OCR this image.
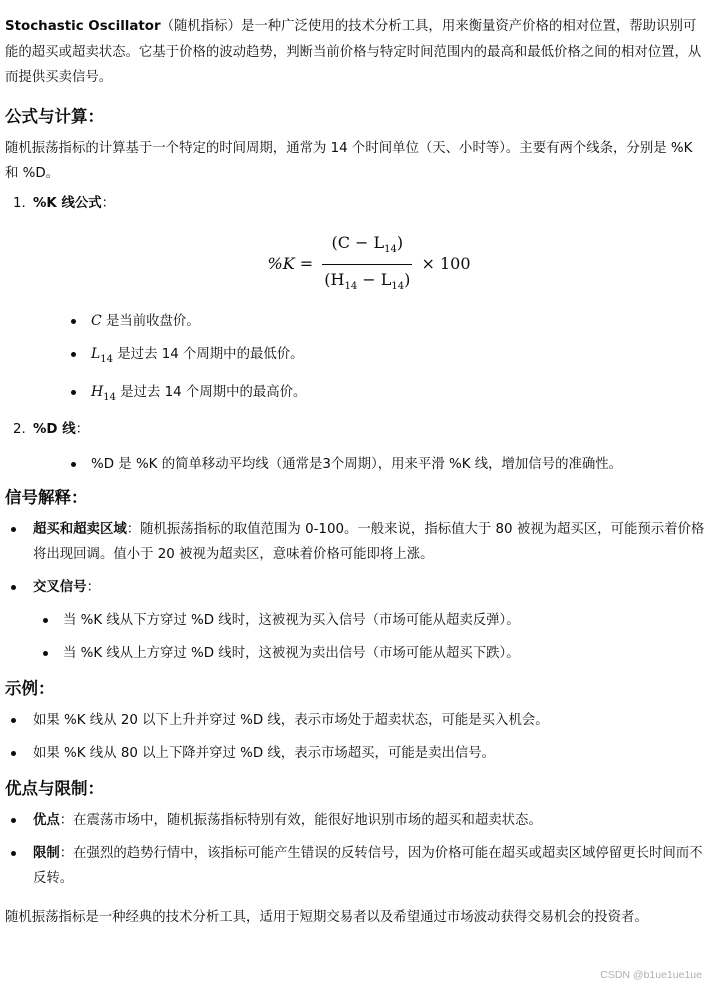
Stochastic Oscillator（随机指标）是一种广泛使用的技术分析工具，用来衡量资产价格的相对位置，帮助识别可能的超买或超卖状态。它基于价格的波动趋势，判断当前价格与特定时间范围内的最高和最低价格之间的相对位置，从而提供买卖信号。

公式与计算：

随机振荡指标的计算基于一个特定的时间周期，通常为 14 个时间单位（天、小时等）。主要有两个线条，分别是 %K 和 %D。

1. %K 线公式：
$\%K = \frac{(C - L_{14})}{(H_{14} - L_{14})} \times 100$
C 是当前收盘价。
$L_{14}$ 是过去 14 个周期中的最低价。
$H_{14}$ 是过去 14 个周期中的最高价。
2. %D 线：
%D 是 %K 的简单移动平均线（通常是3个周期），用来平滑 %K 线，增加信号的准确性。
信号解释：
超买和超卖区域：随机振荡指标的取值范围为 0-100。一般来说，指标值大于 80 被视为超买区，可能预示着价格将出现回调。值小于 20 被视为超卖区，意味着价格可能即将上涨。
交叉信号：
当 %K 线从下方穿过 %D 线时，这被视为买入信号（市场可能从超卖反弹）。
当 %K 线从上方穿过 %D 线时，这被视为卖出信号（市场可能从超买下跌）。
示例：
如果 %K 线从 20 以下上升并穿过 %D 线，表示市场处于超卖状态，可能是买入机会。
如果 %K 线从 80 以上下降并穿过 %D 线，表示市场超买，可能是卖出信号。
优点与限制：
优点：在震荡市场中，随机振荡指标特别有效，能很好地识别市场的超买和超卖状态。
限制：在强烈的趋势行情中，该指标可能产生错误的反转信号，因为价格可能在超买或超卖区域停留更长时间而不反转。

随机振荡指标是一种经典的技术分析工具，适用于短期交易者以及希望通过市场波动获得交易机会的投资者。

CSDN @b1ue1ue1ue
